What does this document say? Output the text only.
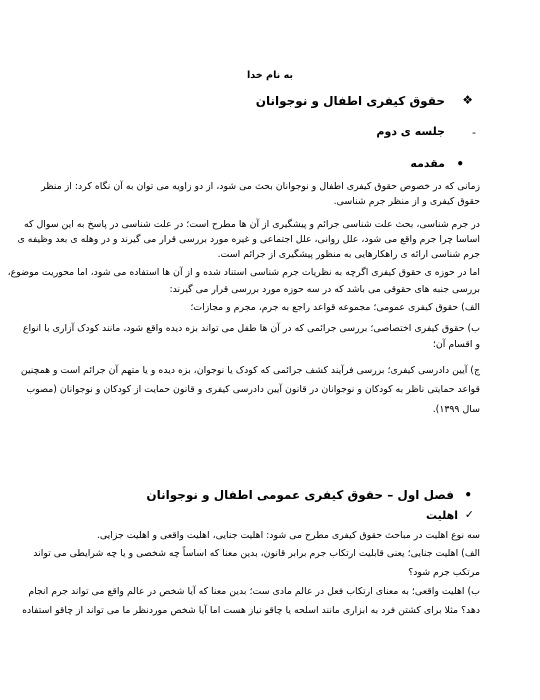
به نام خدا
❖
حقوق کیفری اطفال و نوجوانان
-
جلسه ی دوم
•
مقدمه
زمانی که در خصوص حقوق کیفری اطفال و نوجوانان بحث می شود، از دو زاویه می توان به آن نگاه کرد: از منظر
حقوق کیفری و از منظر جرم شناسی.
در جرم شناسی، بحث علت شناسی جرائم و پیشگیری از آن ها مطرح است؛ در علت شناسی در پاسخ به این سوال که
اساسا چرا جرم واقع می شود، علل روانی، علل اجتماعی و غیره مورد بررسی قرار می گیرند و در وهله ی بعد وظیفه ی
جرم شناسی ارائه ی راهکارهایی به منظور پیشگیری از جرائم است.
اما در حوزه ی حقوق کیفری اگرچه به نظریات جرم شناسی استناد شده و از آن ها استفاده می شود، اما محوریت موضوع،
بررسی جنبه های حقوقی می باشد که در سه حوزه مورد بررسی قرار می گیرند:
الف) حقوق کیفری عمومی؛ مجموعه قواعد راجع به جرم، مجرم و مجازات؛
ب) حقوق کیفری اختصاصی؛ بررسی جرائمی که در آن ها طفل می تواند بزه دیده واقع شود، مانند کودک آزاری با انواع
و اقسام آن؛
ج) آیین دادرسی کیفری؛ بررسی فرآیند کشف جرائمی که کودک یا نوجوان، بزه دیده و یا متهم آن جرائم است و همچنین
قواعد حمایتی ناظر به کودکان و نوجوانان در قانون آیین دادرسی کیفری و قانون حمایت از کودکان و نوجوانان (مصوب
سال ۱۳۹۹).
•
فصل اول – حقوق کیفری عمومی اطفال و نوجوانان
✓
اهلیت
سه نوع اهلیت در مباحث حقوق کیفری مطرح می شود: اهلیت جنایی، اهلیت واقعی و اهلیت جزایی.
الف) اهلیت جنایی؛ یعنی قابلیت ارتکاب جرم برابر قانون، بدین معنا که اساساً چه شخصی و یا چه شرایطی می تواند
مرتکب جرم شود؟
ب) اهلیت واقعی؛ به معنای ارتکاب فعل در عالم مادی ست؛ بدین معنا که آیا شخص در عالم واقع می تواند جرم انجام
دهد؟ مثلا برای کشتن فرد به ابزاری مانند اسلحه یا چاقو نیاز هست اما آیا شخص موردنظر ما می تواند از چاقو استفاده
